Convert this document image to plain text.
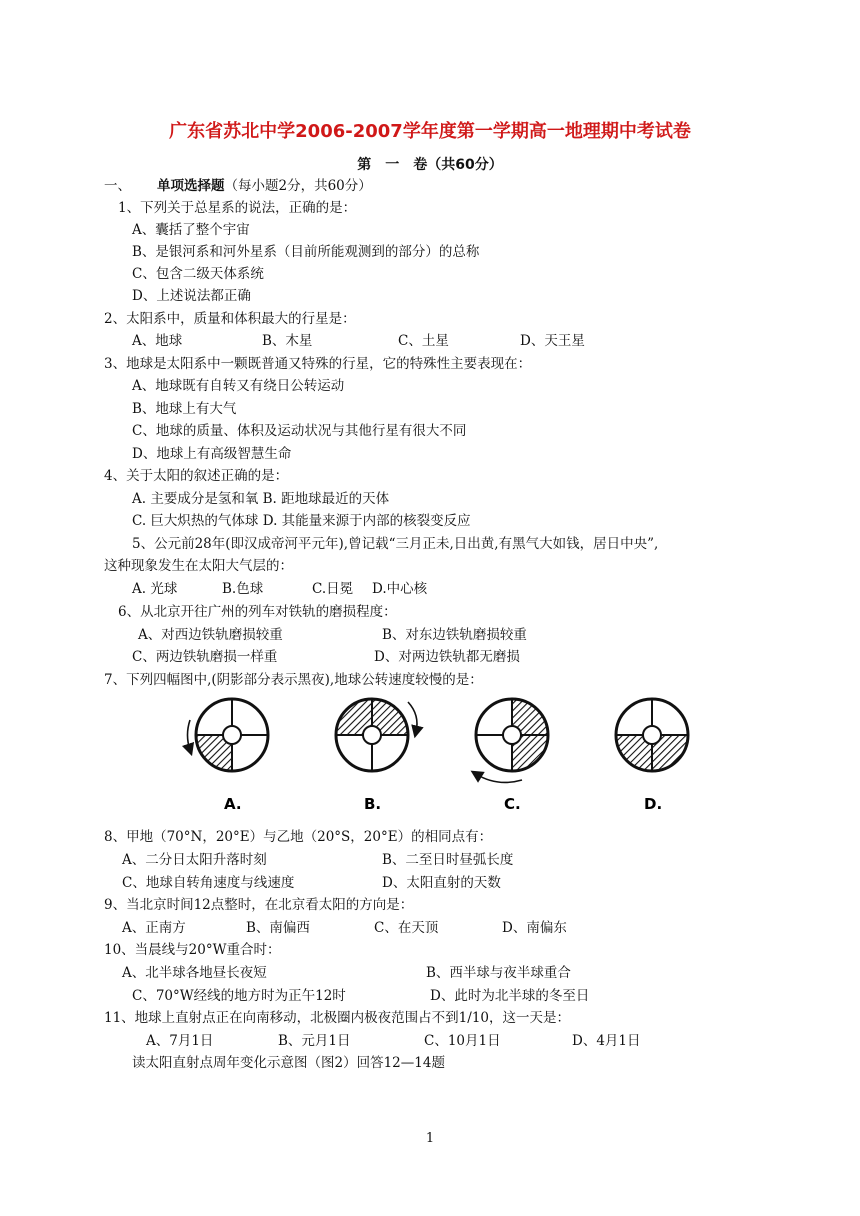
广东省苏北中学2006-2007学年度第一学期高一地理期中考试卷
第　一　卷（共60分）
一、 单项选择题（每小题2分，共60分）
1、下列关于总星系的说法，正确的是：
A、囊括了整个宇宙
B、是银河系和河外星系（目前所能观测到的部分）的总称
C、包含二级天体系统
D、上述说法都正确
2、太阳系中，质量和体积最大的行星是：
A、地球	B、木星	C、土星	D、天王星
3、地球是太阳系中一颗既普通又特殊的行星，它的特殊性主要表现在：
A、地球既有自转又有绕日公转运动
B、地球上有大气
C、地球的质量、体积及运动状况与其他行星有很大不同
D、地球上有高级智慧生命
4、关于太阳的叙述正确的是：
A. 主要成分是氢和氧 B. 距地球最近的天体
C. 巨大炽热的气体球 D. 其能量来源于内部的核裂变反应
5、公元前28年(即汉成帝河平元年),曾记载“三月正未,日出黄,有黑气大如钱，居日中央”,
这种现象发生在太阳大气层的：
A. 光球	B.色球	C.日冕 D.中心核
6、从北京开往广州的列车对铁轨的磨损程度：
A、对西边铁轨磨损较重	B、对东边铁轨磨损较重
C、两边铁轨磨损一样重	D、对两边铁轨都无磨损
7、下列四幅图中,(阴影部分表示黑夜),地球公转速度较慢的是：
A.	B.	C.	D.
8、甲地（70°N，20°E）与乙地（20°S，20°E）的相同点有：
A、二分日太阳升落时刻	B、二至日时昼弧长度
C、地球自转角速度与线速度	D、太阳直射的天数
9、当北京时间12点整时，在北京看太阳的方向是：
A、正南方	B、南偏西	C、在天顶	D、南偏东
10、当晨线与20°W重合时：
A、北半球各地昼长夜短	B、西半球与夜半球重合
C、70°W经线的地方时为正午12时	D、此时为北半球的冬至日
11、地球上直射点正在向南移动，北极圈内极夜范围占不到1/10，这一天是：
A、7月1日	B、元月1日	C、10月1日	D、4月1日
读太阳直射点周年变化示意图（图2）回答12—14题
1
